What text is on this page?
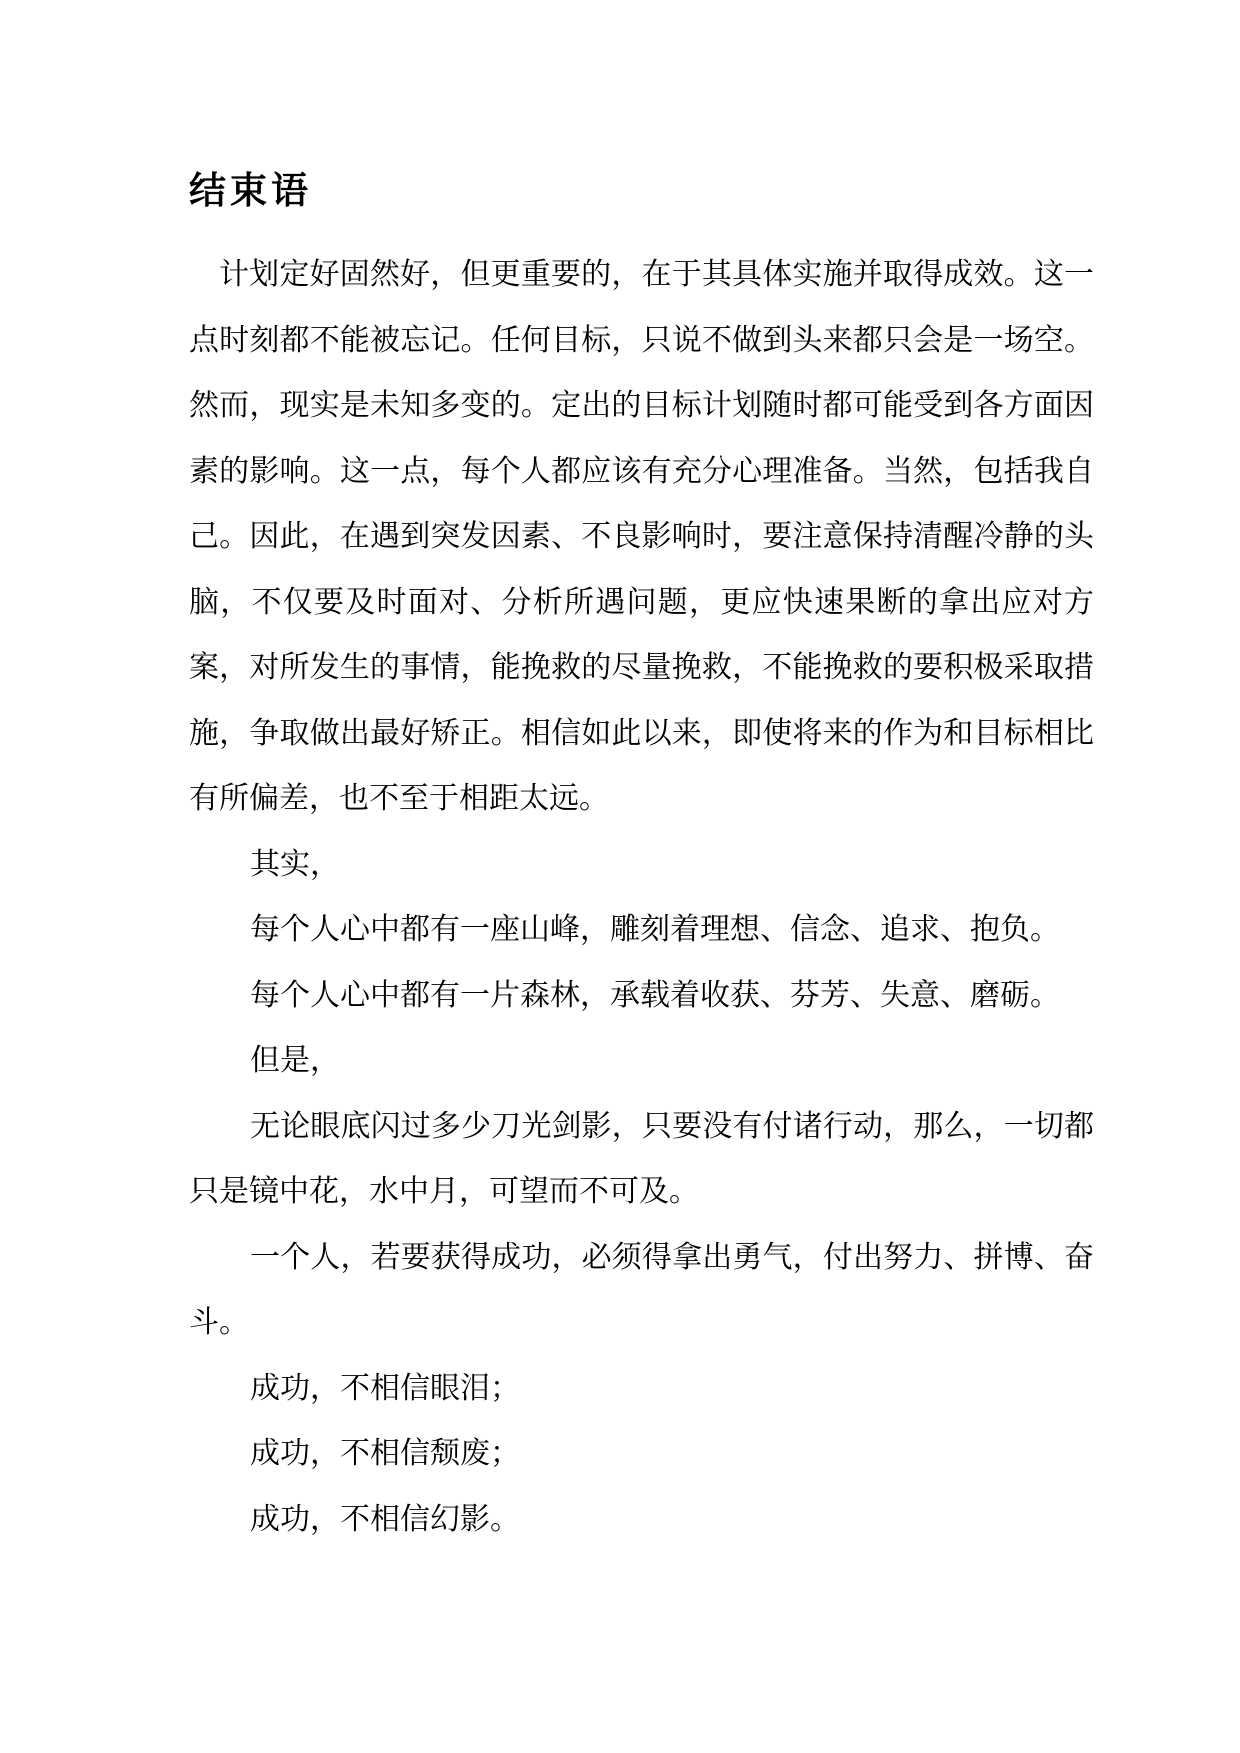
结束语

计划定好固然好，但更重要的，在于其具体实施并取得成效。这一点时刻都不能被忘记。任何目标，只说不做到头来都只会是一场空。然而，现实是未知多变的。定出的目标计划随时都可能受到各方面因素的影响。这一点，每个人都应该有充分心理准备。当然，包括我自己。因此，在遇到突发因素、不良影响时，要注意保持清醒冷静的头脑，不仅要及时面对、分析所遇问题，更应快速果断的拿出应对方案，对所发生的事情，能挽救的尽量挽救，不能挽救的要积极采取措施，争取做出最好矫正。相信如此以来，即使将来的作为和目标相比有所偏差，也不至于相距太远。

其实，

每个人心中都有一座山峰，雕刻着理想、信念、追求、抱负。

每个人心中都有一片森林，承载着收获、芬芳、失意、磨砺。

但是，

无论眼底闪过多少刀光剑影，只要没有付诸行动，那么，一切都只是镜中花，水中月，可望而不可及。

一个人，若要获得成功，必须得拿出勇气，付出努力、拼博、奋斗。

成功，不相信眼泪；

成功，不相信颓废；

成功，不相信幻影。
